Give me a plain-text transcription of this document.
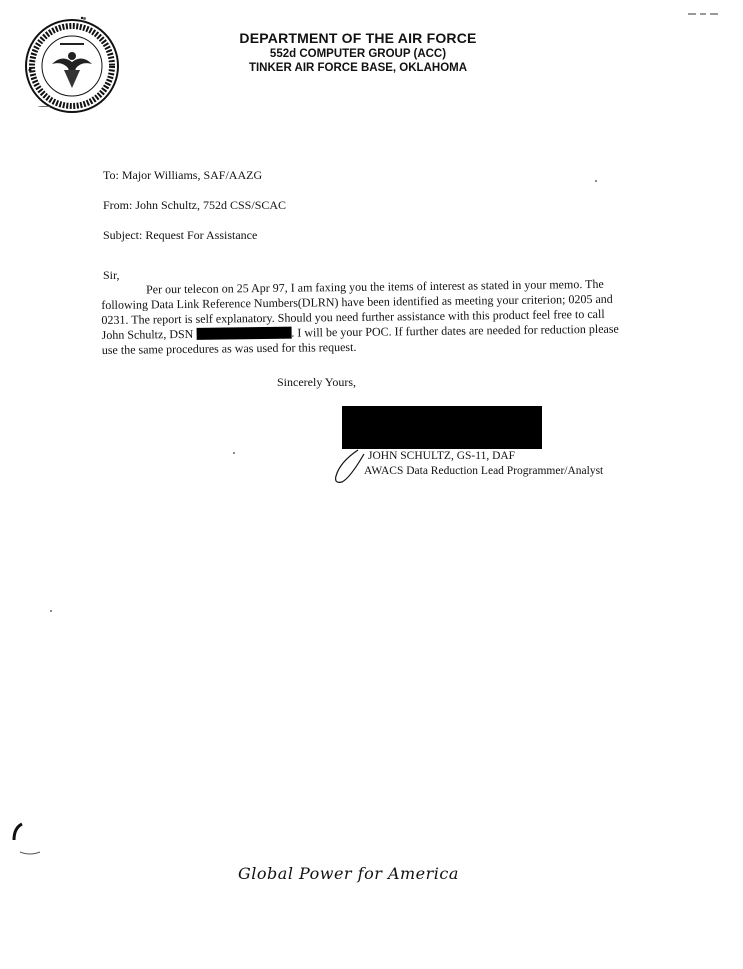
DEPARTMENT OF THE AIR FORCE
552d COMPUTER GROUP (ACC)
TINKER AIR FORCE BASE, OKLAHOMA
To: Major Williams, SAF/AAZG
From: John Schultz, 752d CSS/SCAC
Subject: Request For Assistance
Sir,
Per our telecon on 25 Apr 97, I am faxing you the items of interest as stated in your memo. The
following Data Link Reference Numbers(DLRN) have been identified as meeting your criterion; 0205 and
0231. The report is self explanatory. Should you need further assistance with this product feel free to call
John Schultz, DSN	. I will be your POC. If further dates are needed for reduction please
use the same procedures as was used for this request.
Sincerely Yours,
JOHN SCHULTZ, GS-11, DAF
AWACS Data Reduction Lead Programmer/Analyst
Global Power for America
